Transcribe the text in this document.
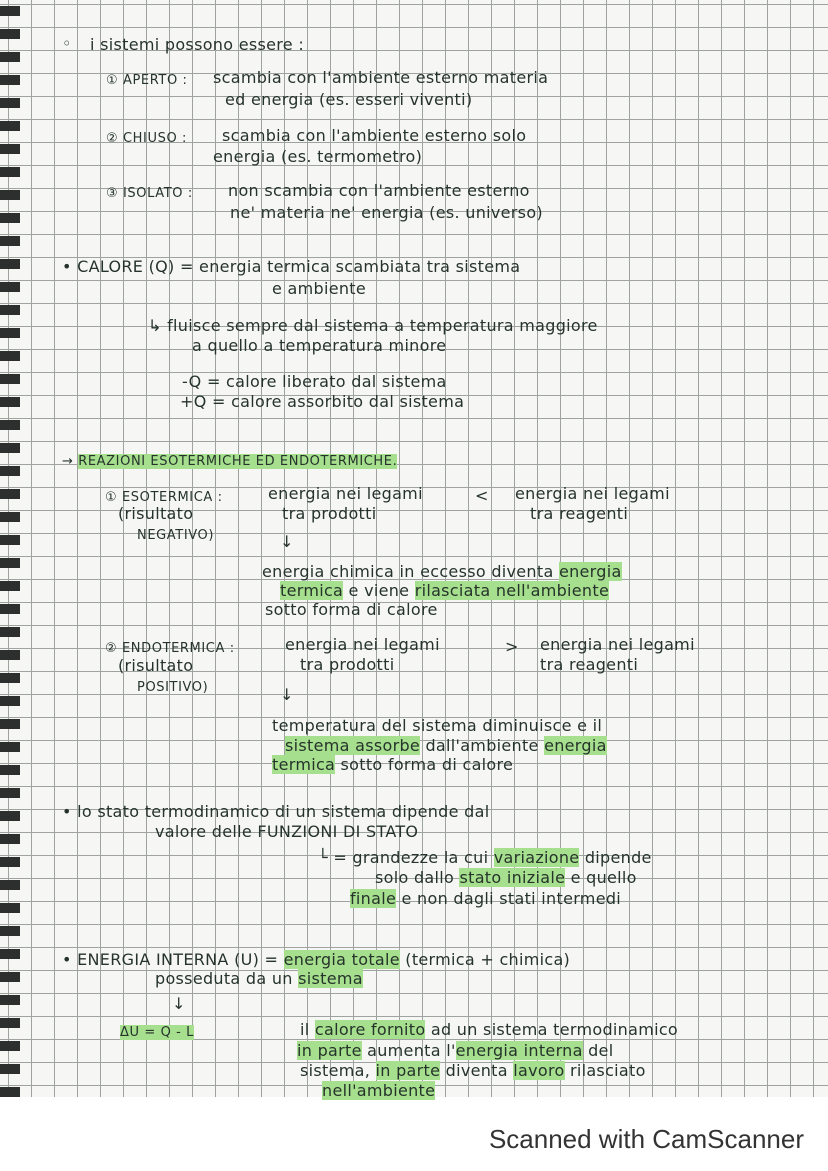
◦ i sistemi possono essere :
① APERTO : scambia con l'ambiente esterno materia
ed energia (es. esseri viventi)
② CHIUSO : scambia con l'ambiente esterno solo
energia (es. termometro)
③ ISOLATO : non scambia con l'ambiente esterno
ne' materia ne' energia (es. universo)
• CALORE (Q) = energia termica scambiata tra sistema
e ambiente
↳ fluisce sempre dal sistema a temperatura maggiore
a quello a temperatura minore
-Q = calore liberato dal sistema
+Q = calore assorbito dal sistema
→ REAZIONI ESOTERMICHE ED ENDOTERMICHE.
① ESOTERMICA :	energia nei legami	< energia nei legami
(risultato	tra prodotti	tra reagenti
NEGATIVO)	↓
energia chimica in eccesso diventa energia
termica e viene rilasciata nell'ambiente
sotto forma di calore
② ENDOTERMICA :	energia nei legami	> energia nei legami
(risultato	tra prodotti	tra reagenti
POSITIVO)	↓
temperatura del sistema diminuisce e il
sistema assorbe dall'ambiente energia
termica sotto forma di calore
• lo stato termodinamico di un sistema dipende dal
valore delle FUNZIONI DI STATO
└ = grandezze la cui variazione dipende
solo dallo stato iniziale e quello
finale e non dagli stati intermedi
• ENERGIA INTERNA (U) = energia totale (termica + chimica)
posseduta da un sistema
↓
ΔU = Q - L	il calore fornito ad un sistema termodinamico
in parte aumenta l'energia interna del
sistema, in parte diventa lavoro rilasciato
nell'ambiente
Scanned with CamScanner
